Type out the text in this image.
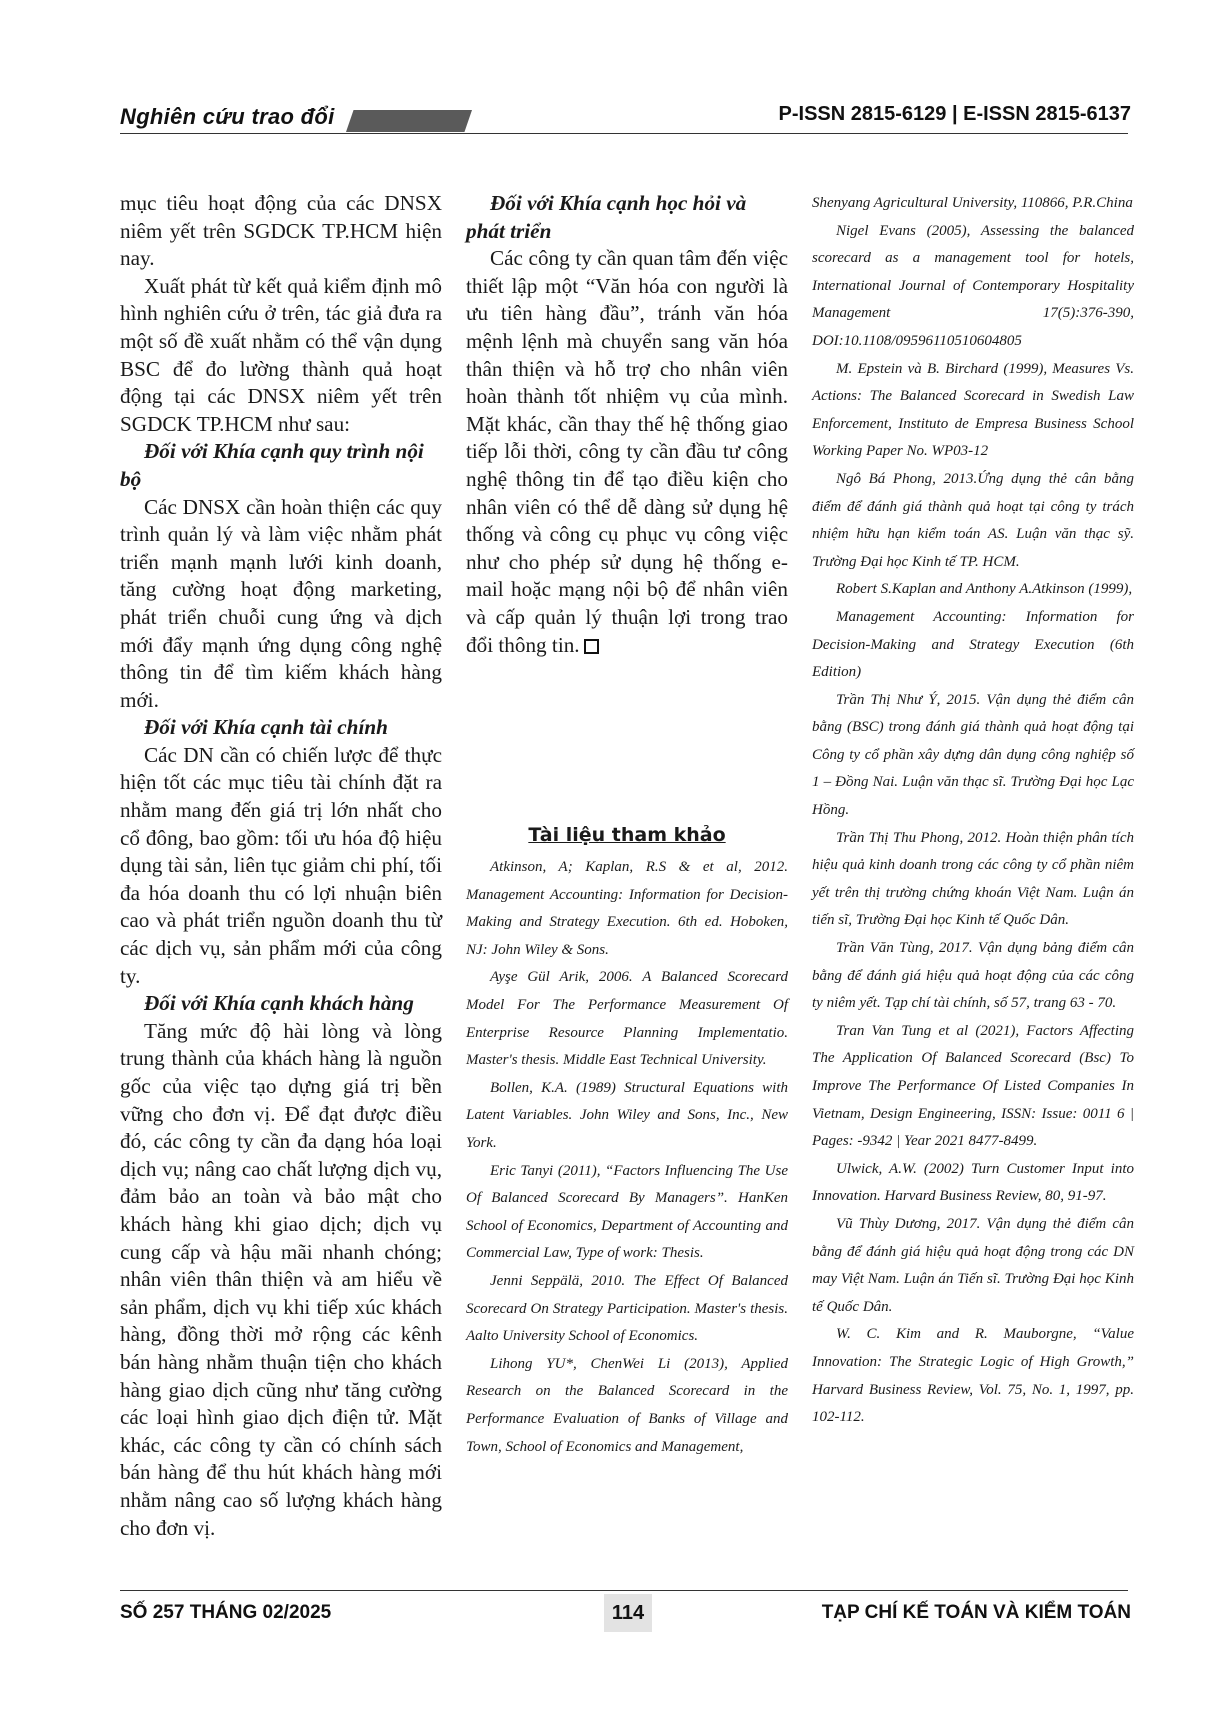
Nghiên cứu trao đổi	P-ISSN 2815-6129 | E-ISSN 2815-6137

mục tiêu hoạt động của các DNSX niêm yết trên SGDCK TP.HCM hiện nay.

Xuất phát từ kết quả kiểm định mô hình nghiên cứu ở trên, tác giả đưa ra một số đề xuất nhằm có thể vận dụng BSC để đo lường thành quả hoạt động tại các DNSX niêm yết trên SGDCK TP.HCM như sau:

Đối với Khía cạnh quy trình nội bộ

Các DNSX cần hoàn thiện các quy trình quản lý và làm việc nhằm phát triển mạnh mạnh lưới kinh doanh, tăng cường hoạt động marketing, phát triển chuỗi cung ứng và dịch mới đẩy mạnh ứng dụng công nghệ thông tin để tìm kiếm khách hàng mới.

Đối với Khía cạnh tài chính

Các DN cần có chiến lược để thực hiện tốt các mục tiêu tài chính đặt ra nhằm mang đến giá trị lớn nhất cho cổ đông, bao gồm: tối ưu hóa độ hiệu dụng tài sản, liên tục giảm chi phí, tối đa hóa doanh thu có lợi nhuận biên cao và phát triển nguồn doanh thu từ các dịch vụ, sản phẩm mới của công ty.

Đối với Khía cạnh khách hàng

Tăng mức độ hài lòng và lòng trung thành của khách hàng là nguồn gốc của việc tạo dựng giá trị bền vững cho đơn vị. Để đạt được điều đó, các công ty cần đa dạng hóa loại dịch vụ; nâng cao chất lượng dịch vụ, đảm bảo an toàn và bảo mật cho khách hàng khi giao dịch; dịch vụ cung cấp và hậu mãi nhanh chóng; nhân viên thân thiện và am hiểu về sản phẩm, dịch vụ khi tiếp xúc khách hàng, đồng thời mở rộng các kênh bán hàng nhằm thuận tiện cho khách hàng giao dịch cũng như tăng cường các loại hình giao dịch điện tử. Mặt khác, các công ty cần có chính sách bán hàng để thu hút khách hàng mới nhằm nâng cao số lượng khách hàng cho đơn vị.

Đối với Khía cạnh học hỏi và phát triển

Các công ty cần quan tâm đến việc thiết lập một “Văn hóa con người là ưu tiên hàng đầu”, tránh văn hóa mệnh lệnh mà chuyển sang văn hóa thân thiện và hỗ trợ cho nhân viên hoàn thành tốt nhiệm vụ của mình. Mặt khác, cần thay thế hệ thống giao tiếp lỗi thời, công ty cần đầu tư công nghệ thông tin để tạo điều kiện cho nhân viên có thể dễ dàng sử dụng hệ thống và công cụ phục vụ công việc như cho phép sử dụng hệ thống e-mail hoặc mạng nội bộ để nhân viên và cấp quản lý thuận lợi trong trao đổi thông tin.

Tài liệu tham khảo

Atkinson, A; Kaplan, R.S & et al, 2012. Management Accounting: Information for Decision-Making and Strategy Execution. 6th ed. Hoboken, NJ: John Wiley & Sons.

Ayşe Gül Arik, 2006. A Balanced Scorecard Model For The Performance Measurement Of Enterprise Resource Planning Implementatio. Master's thesis. Middle East Technical University.

Bollen, K.A. (1989) Structural Equations with Latent Variables. John Wiley and Sons, Inc., New York.

Eric Tanyi (2011), “Factors Influencing The Use Of Balanced Scorecard By Managers”. HanKen School of Economics, Department of Accounting and Commercial Law, Type of work: Thesis.

Jenni Seppälä, 2010. The Effect Of Balanced Scorecard On Strategy Participation. Master's thesis. Aalto University School of Economics.

Lihong YU*, ChenWei Li (2013), Applied Research on the Balanced Scorecard in the Performance Evaluation of Banks of Village and Town, School of Economics and Management,

Shenyang Agricultural University, 110866, P.R.China

Nigel Evans (2005), Assessing the balanced scorecard as a management tool for hotels, International Journal of Contemporary Hospitality Management 17(5):376-390, DOI:10.1108/09596110510604805

M. Epstein và B. Birchard (1999), Measures Vs. Actions: The Balanced Scorecard in Swedish Law Enforcement, Instituto de Empresa Business School Working Paper No. WP03-12

Ngô Bá Phong, 2013.Ứng dụng thẻ cân bằng điểm để đánh giá thành quả hoạt tại công ty trách nhiệm hữu hạn kiểm toán AS. Luận văn thạc sỹ. Trường Đại học Kinh tế TP. HCM.

Robert S.Kaplan and Anthony A.Atkinson (1999),

Management Accounting: Information for Decision-Making and Strategy Execution (6th Edition)

Trần Thị Như Ý, 2015. Vận dụng thẻ điểm cân bằng (BSC) trong đánh giá thành quả hoạt động tại Công ty cổ phần xây dựng dân dụng công nghiệp số 1 – Đồng Nai. Luận văn thạc sĩ. Trường Đại học Lạc Hồng.

Trần Thị Thu Phong, 2012. Hoàn thiện phân tích hiệu quả kinh doanh trong các công ty cổ phần niêm yết trên thị trường chứng khoán Việt Nam. Luận án tiến sĩ, Trường Đại học Kinh tế Quốc Dân.

Trần Văn Tùng, 2017. Vận dụng bảng điểm cân bằng để đánh giá hiệu quả hoạt động của các công ty niêm yết. Tạp chí tài chính, số 57, trang 63 - 70.

Tran Van Tung et al (2021), Factors Affecting The Application Of Balanced Scorecard (Bsc) To Improve The Performance Of Listed Companies In Vietnam, Design Engineering, ISSN: Issue: 0011 6 | Pages: -9342 | Year 2021 8477-8499.

Ulwick, A.W. (2002) Turn Customer Input into Innovation. Harvard Business Review, 80, 91-97.

Vũ Thùy Dương, 2017. Vận dụng thẻ điểm cân bằng để đánh giá hiệu quả hoạt động trong các DN may Việt Nam. Luận án Tiến sĩ. Trường Đại học Kinh tế Quốc Dân.

W. C. Kim and R. Mauborgne, “Value Innovation: The Strategic Logic of High Growth,” Harvard Business Review, Vol. 75, No. 1, 1997, pp. 102-112.

SỐ 257 THÁNG 02/2025	114	TẠP CHÍ KẾ TOÁN VÀ KIỂM TOÁN
